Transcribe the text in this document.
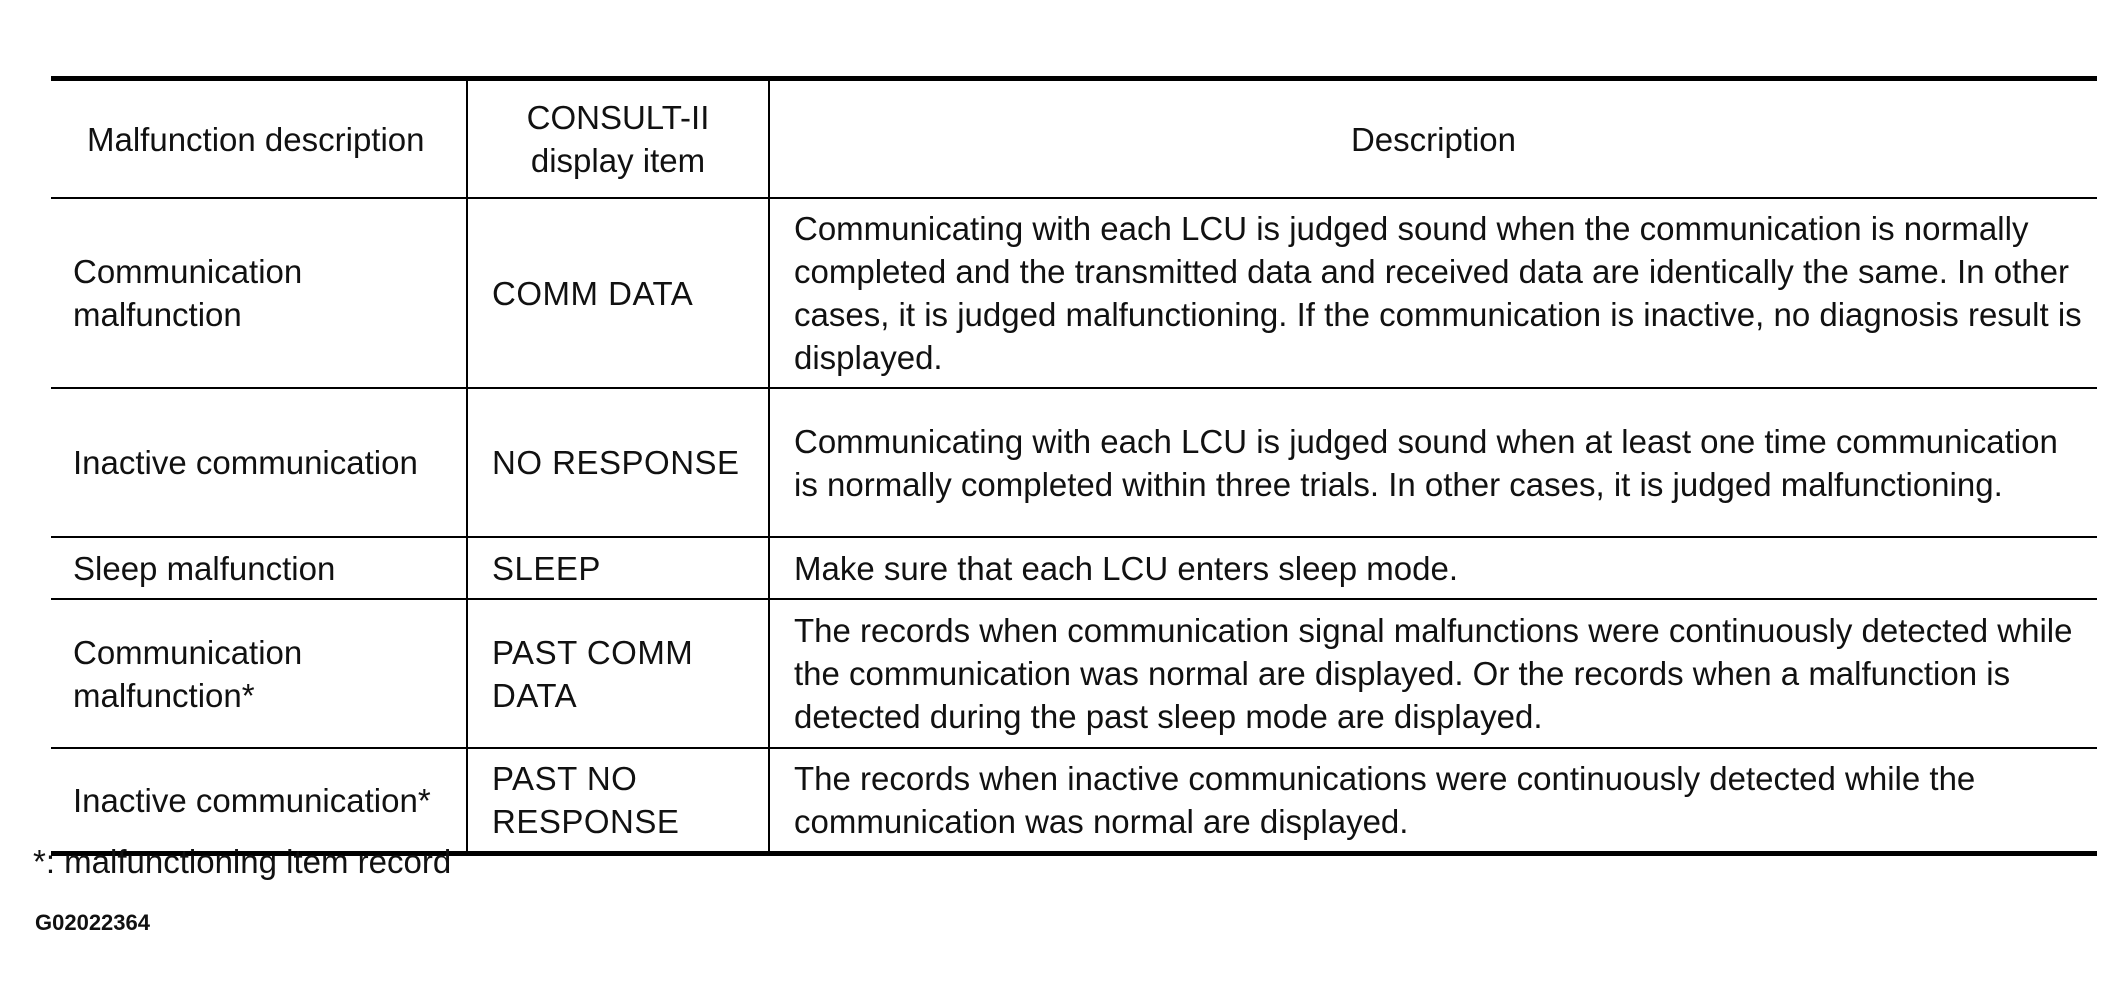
Malfunction description	CONSULT-II display item	Description
Communication malfunction	COMM DATA	Communicating with each LCU is judged sound when the communication is normally completed and the transmitted data and received data are identically the same. In other cases, it is judged malfunctioning. If the communication is inactive, no diagnosis result is displayed.
Inactive communication	NO RESPONSE	Communicating with each LCU is judged sound when at least one time communication is normally completed within three trials. In other cases, it is judged malfunctioning.
Sleep malfunction	SLEEP	Make sure that each LCU enters sleep mode.
Communication malfunction*	PAST COMM DATA	The records when communication signal malfunctions were continuously detected while the communication was normal are displayed. Or the records when a malfunction is detected during the past sleep mode are displayed.
Inactive communication*	PAST NO RESPONSE	The records when inactive communications were continuously detected while the communication was normal are displayed.
*: malfunctioning item record
G02022364
